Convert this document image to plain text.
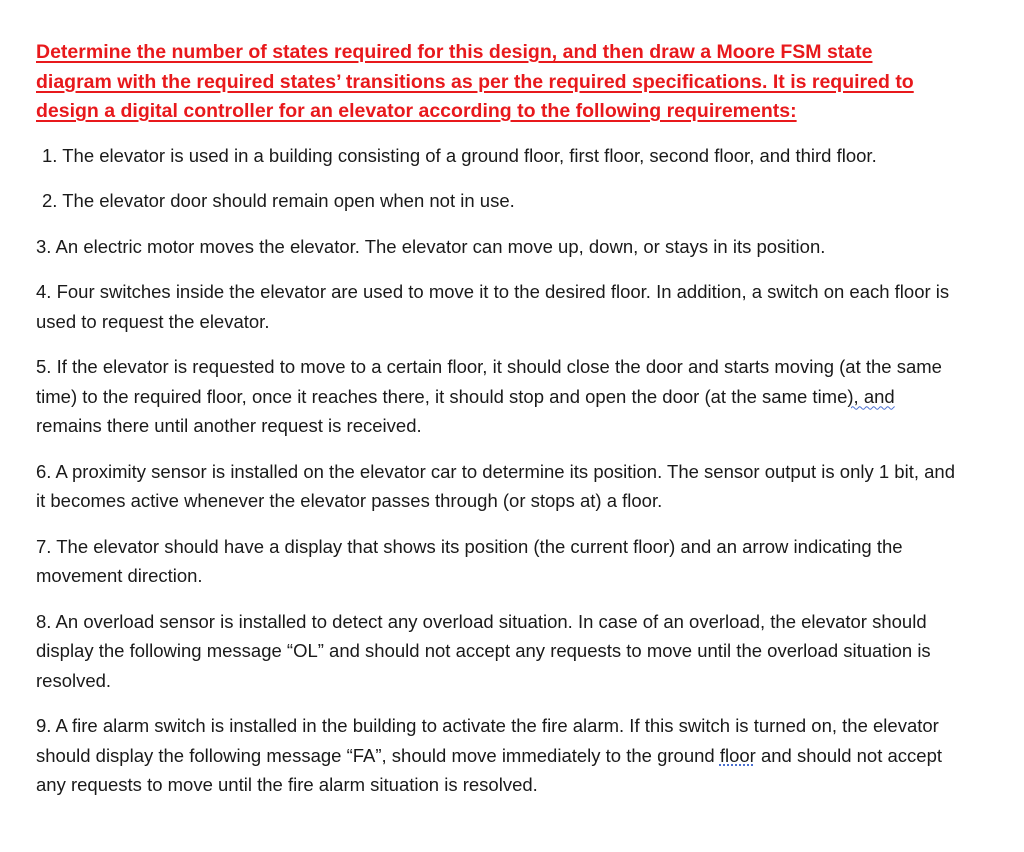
Determine the number of states required for this design, and then draw a Moore FSM state diagram with the required states’ transitions as per the required specifications. It is required to design a digital controller for an elevator according to the following requirements:

1. The elevator is used in a building consisting of a ground floor, first floor, second floor, and third floor.

2. The elevator door should remain open when not in use.

3. An electric motor moves the elevator. The elevator can move up, down, or stays in its position.

4. Four switches inside the elevator are used to move it to the desired floor. In addition, a switch on each floor is used to request the elevator.

5. If the elevator is requested to move to a certain floor, it should close the door and starts moving (at the same time) to the required floor, once it reaches there, it should stop and open the door (at the same time), and remains there until another request is received.

6. A proximity sensor is installed on the elevator car to determine its position. The sensor output is only 1 bit, and it becomes active whenever the elevator passes through (or stops at) a floor.

7. The elevator should have a display that shows its position (the current floor) and an arrow indicating the movement direction.

8. An overload sensor is installed to detect any overload situation. In case of an overload, the elevator should display the following message “OL” and should not accept any requests to move until the overload situation is resolved.

9. A fire alarm switch is installed in the building to activate the fire alarm. If this switch is turned on, the elevator should display the following message “FA”, should move immediately to the ground floor and should not accept any requests to move until the fire alarm situation is resolved.
